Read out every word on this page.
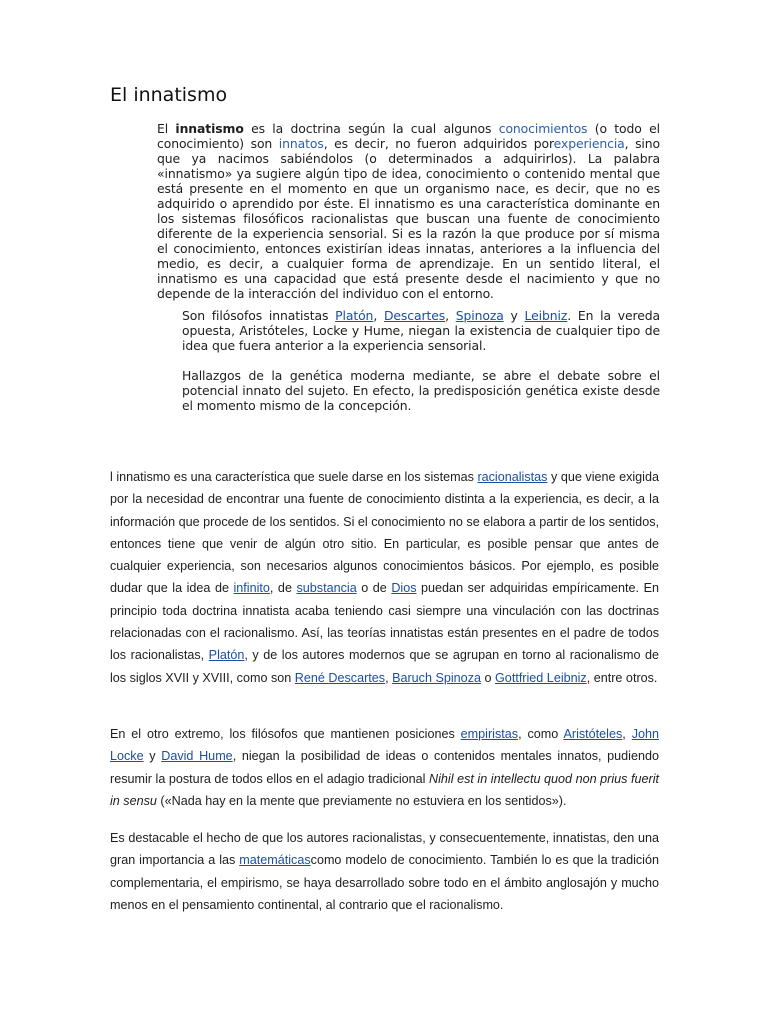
El innatismo

El innatismo es la doctrina según la cual algunos conocimientos (o todo el conocimiento) son innatos, es decir, no fueron adquiridos porexperiencia, sino que ya nacimos sabiéndolos (o determinados a adquirirlos). La palabra «innatismo» ya sugiere algún tipo de idea, conocimiento o contenido mental que está presente en el momento en que un organismo nace, es decir, que no es adquirido o aprendido por éste. El innatismo es una característica dominante en los sistemas filosóficos racionalistas que buscan una fuente de conocimiento diferente de la experiencia sensorial. Si es la razón la que produce por sí misma el conocimiento, entonces existirían ideas innatas, anteriores a la influencia del medio, es decir, a cualquier forma de aprendizaje. En un sentido literal, el innatismo es una capacidad que está presente desde el nacimiento y que no depende de la interacción del individuo con el entorno.

Son filósofos innatistas Platón, Descartes, Spinoza y Leibniz. En la vereda opuesta, Aristóteles, Locke y Hume, niegan la existencia de cualquier tipo de idea que fuera anterior a la experiencia sensorial.

Hallazgos de la genética moderna mediante, se abre el debate sobre el potencial innato del sujeto. En efecto, la predisposición genética existe desde el momento mismo de la concepción.

l innatismo es una característica que suele darse en los sistemas racionalistas y que viene exigida por la necesidad de encontrar una fuente de conocimiento distinta a la experiencia, es decir, a la información que procede de los sentidos. Si el conocimiento no se elabora a partir de los sentidos, entonces tiene que venir de algún otro sitio. En particular, es posible pensar que antes de cualquier experiencia, son necesarios algunos conocimientos básicos. Por ejemplo, es posible dudar que la idea de infinito, de substancia o de Dios puedan ser adquiridas empíricamente. En principio toda doctrina innatista acaba teniendo casi siempre una vinculación con las doctrinas relacionadas con el racionalismo. Así, las teorías innatistas están presentes en el padre de todos los racionalistas, Platón, y de los autores modernos que se agrupan en torno al racionalismo de los siglos XVII y XVIII, como son René Descartes, Baruch Spinoza o Gottfried Leibniz, entre otros.

En el otro extremo, los filósofos que mantienen posiciones empiristas, como Aristóteles, John Locke y David Hume, niegan la posibilidad de ideas o contenidos mentales innatos, pudiendo resumir la postura de todos ellos en el adagio tradicional Nihil est in intellectu quod non prius fuerit in sensu («Nada hay en la mente que previamente no estuviera en los sentidos»).

Es destacable el hecho de que los autores racionalistas, y consecuentemente, innatistas, den una gran importancia a las matemáticascomo modelo de conocimiento. También lo es que la tradición complementaria, el empirismo, se haya desarrollado sobre todo en el ámbito anglosajón y mucho menos en el pensamiento continental, al contrario que el racionalismo.
